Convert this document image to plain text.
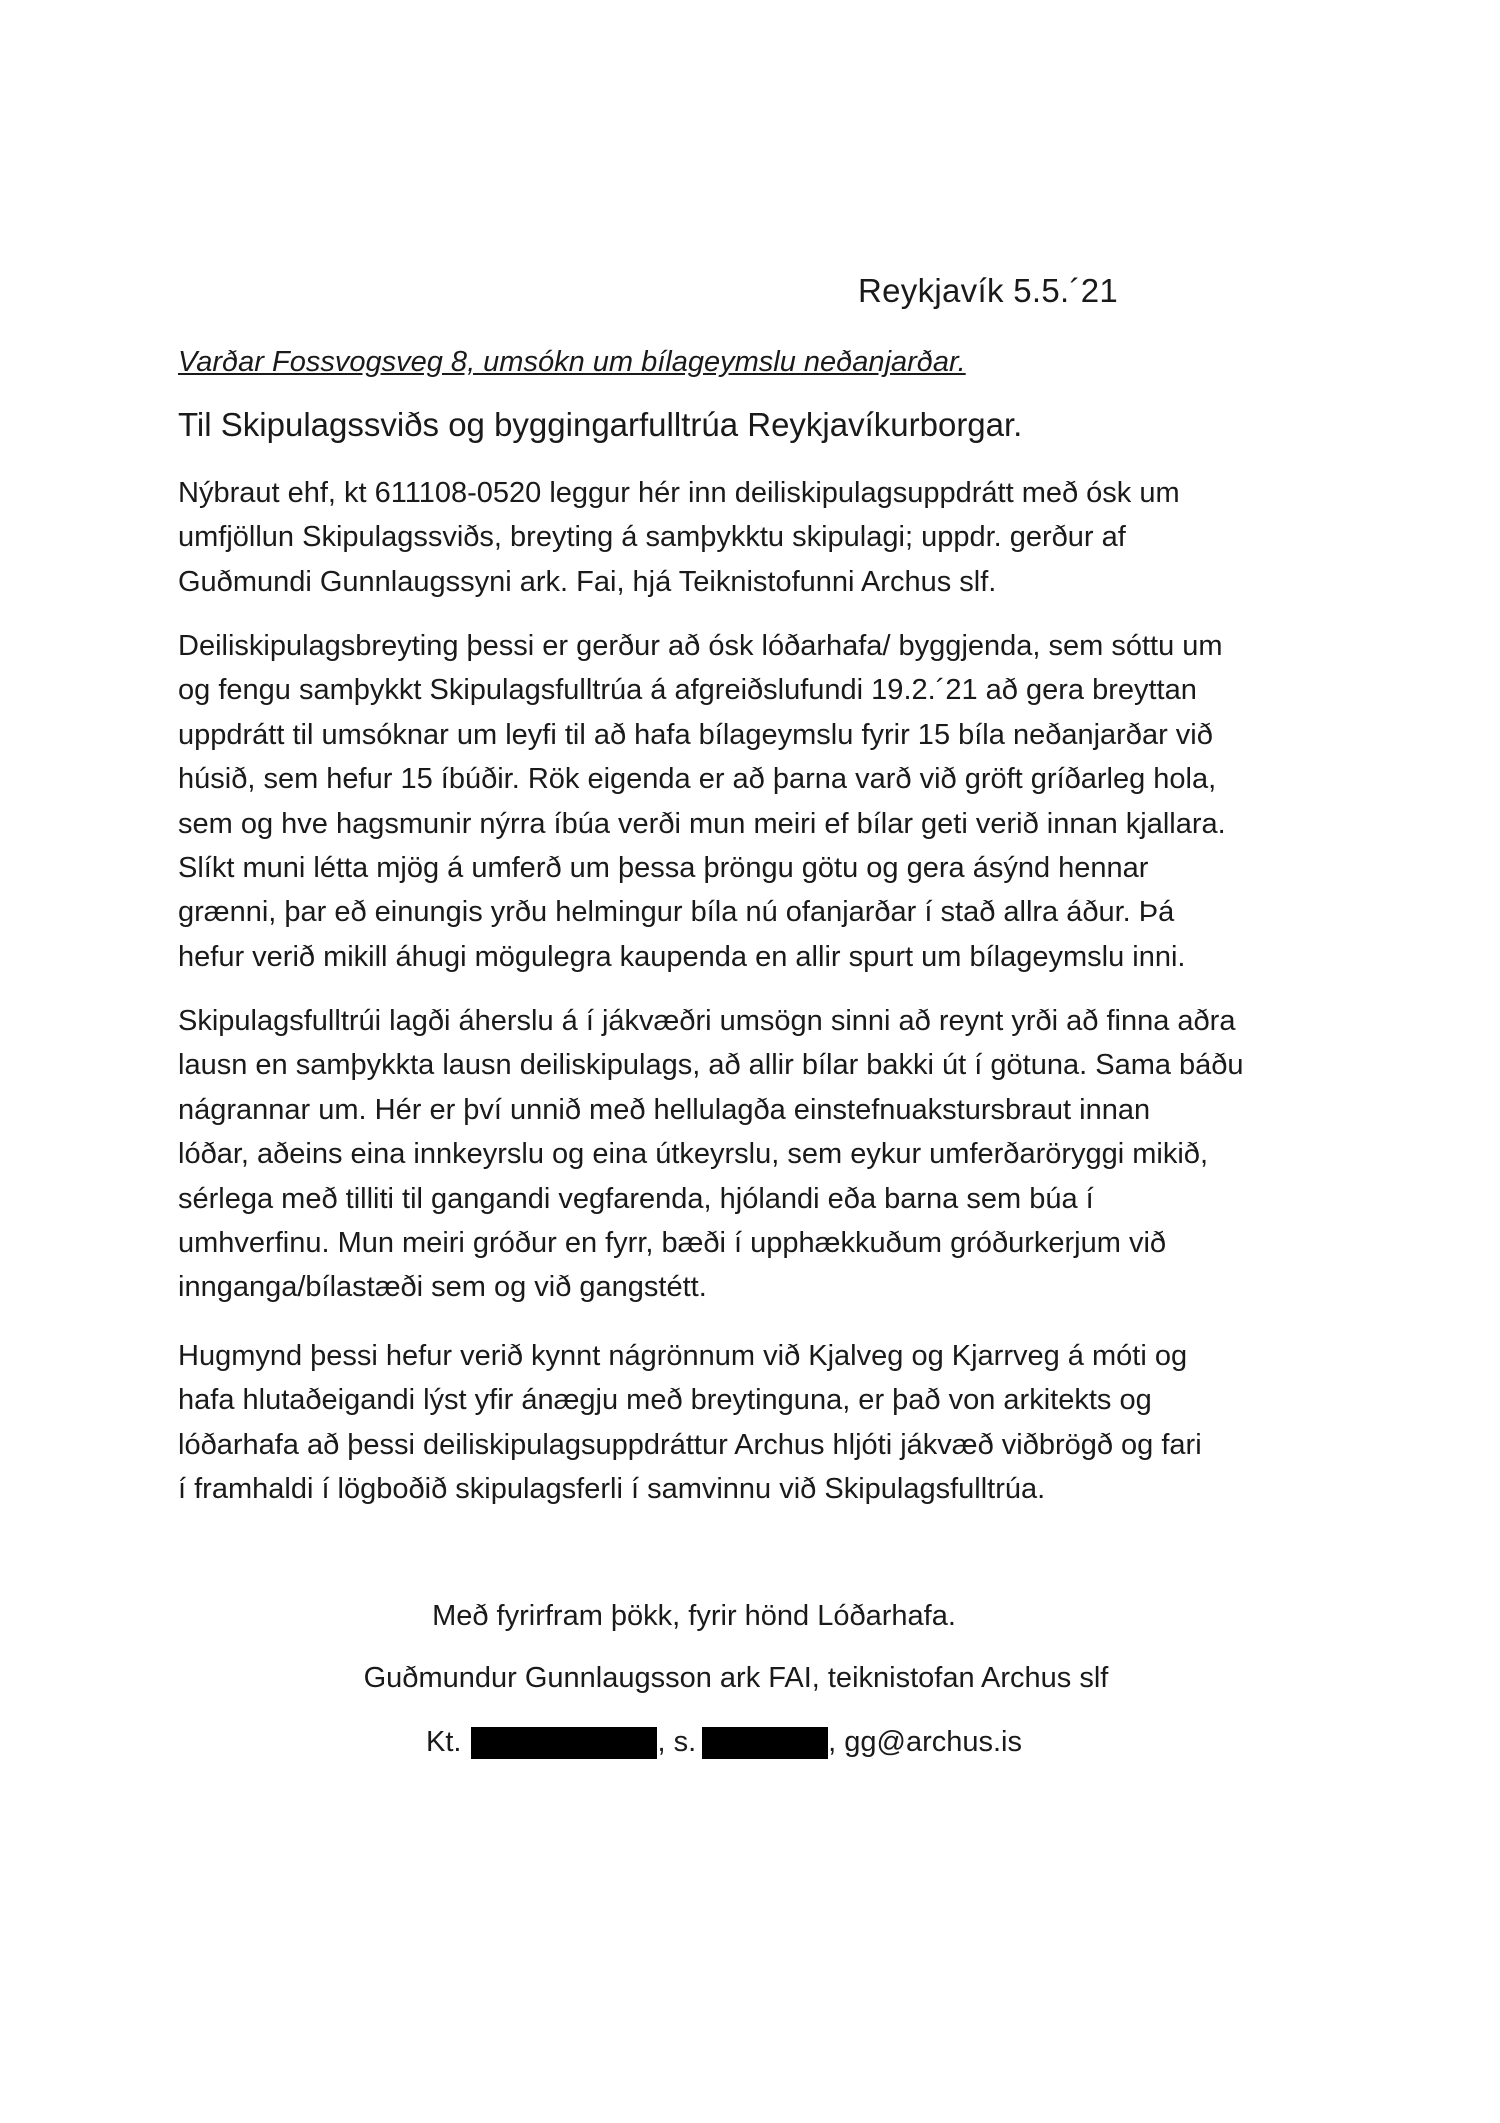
Reykjavík 5.5.´21
Varðar Fossvogsveg 8, umsókn um bílageymslu neðanjarðar.
Til Skipulagssviðs og byggingarfulltrúa Reykjavíkurborgar.

Nýbraut ehf, kt 611108-0520 leggur hér inn deiliskipulagsuppdrátt með ósk um
umfjöllun Skipulagssviðs, breyting á samþykktu skipulagi; uppdr. gerður af
Guðmundi Gunnlaugssyni ark. Fai, hjá Teiknistofunni Archus slf.

Deiliskipulagsbreyting þessi er gerður að ósk lóðarhafa/ byggjenda, sem sóttu um
og fengu samþykkt Skipulagsfulltrúa á afgreiðslufundi 19.2.´21 að gera breyttan
uppdrátt til umsóknar um leyfi til að hafa bílageymslu fyrir 15 bíla neðanjarðar við
húsið, sem hefur 15 íbúðir. Rök eigenda er að þarna varð við gröft gríðarleg hola,
sem og hve hagsmunir nýrra íbúa verði mun meiri ef bílar geti verið innan kjallara.
Slíkt muni létta mjög á umferð um þessa þröngu götu og gera ásýnd hennar
grænni, þar eð einungis yrðu helmingur bíla nú ofanjarðar í stað allra áður. Þá
hefur verið mikill áhugi mögulegra kaupenda en allir spurt um bílageymslu inni.

Skipulagsfulltrúi lagði áherslu á í jákvæðri umsögn sinni að reynt yrði að finna aðra
lausn en samþykkta lausn deiliskipulags, að allir bílar bakki út í götuna. Sama báðu
nágrannar um. Hér er því unnið með hellulagða einstefnuakstursbraut innan
lóðar, aðeins eina innkeyrslu og eina útkeyrslu, sem eykur umferðaröryggi mikið,
sérlega með tilliti til gangandi vegfarenda, hjólandi eða barna sem búa í
umhverfinu. Mun meiri gróður en fyrr, bæði í upphækkuðum gróðurkerjum við
innganga/bílastæði sem og við gangstétt.

Hugmynd þessi hefur verið kynnt nágrönnum við Kjalveg og Kjarrveg á móti og
hafa hlutaðeigandi lýst yfir ánægju með breytinguna, er það von arkitekts og
lóðarhafa að þessi deiliskipulagsuppdráttur Archus hljóti jákvæð viðbrögð og fari
í framhaldi í lögboðið skipulagsferli í samvinnu við Skipulagsfulltrúa.

Með fyrirfram þökk, fyrir hönd Lóðarhafa.
Guðmundur Gunnlaugsson ark FAI, teiknistofan Archus slf
Kt.	, s.	, gg@archus.is
